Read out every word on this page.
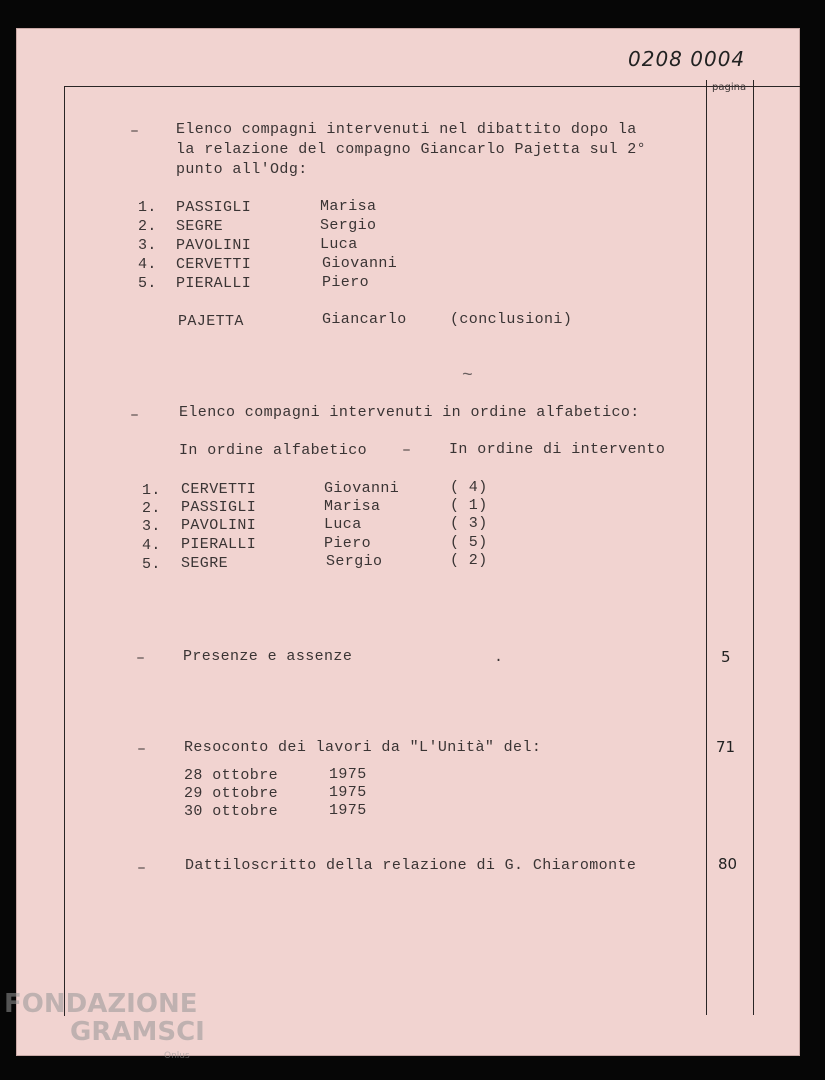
0208 0004
pagina
– Elenco compagni intervenuti nel dibattito dopo la
la relazione del compagno Giancarlo Pajetta sul 2°
punto all'Odg:
1. PASSIGLI	Marisa
2. SEGRE	Sergio
3. PAVOLINI	Luca
4. CERVETTI	Giovanni
5. PIERALLI	Piero
PAJETTA	Giancarlo	(conclusioni)
~
–	Elenco compagni intervenuti in ordine alfabetico:
In ordine alfabetico –	In ordine di intervento
1. CERVETTI	Giovanni	( 4)
2. PASSIGLI	Marisa	( 1)
3. PAVOLINI	Luca	( 3)
4. PIERALLI	Piero	( 5)
5. SEGRE	Sergio	( 2)
–	Presenze e assenze	.	5
–	Resoconto dei lavori da "L'Unità" del:	71
28 ottobre	1975
29 ottobre	1975
30 ottobre	1975
–	Dattiloscritto della relazione di G. Chiaromonte	80
FONDAZIONE
GRAMSCI
Onlus
